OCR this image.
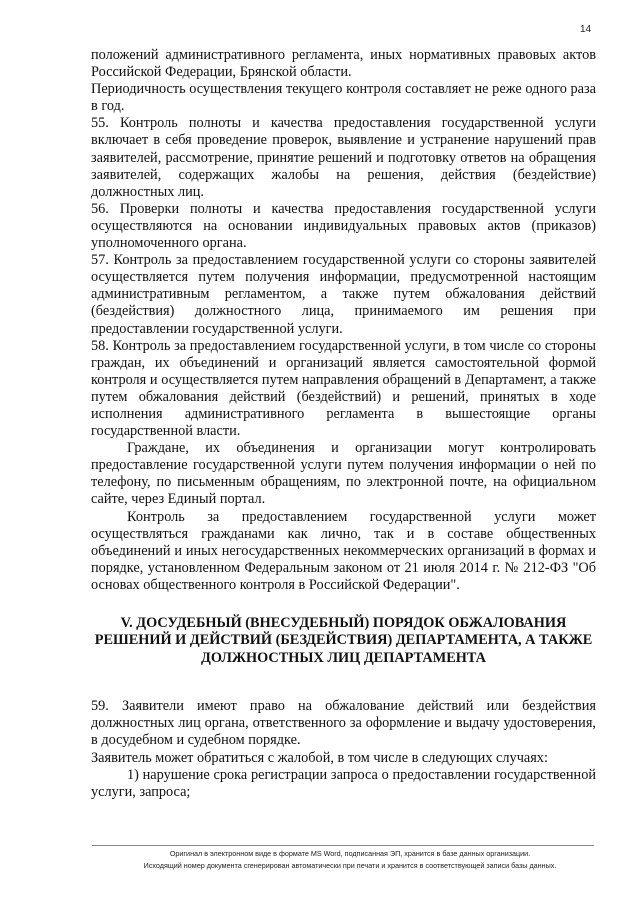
14

положений административного регламента, иных нормативных правовых актов Российской Федерации, Брянской области.

Периодичность осуществления текущего контроля составляет не реже одного раза в год.

55. Контроль полноты и качества предоставления государственной услуги включает в себя проведение проверок, выявление и устранение нарушений прав заявителей, рассмотрение, принятие решений и подготовку ответов на обращения заявителей, содержащих жалобы на решения, действия (бездействие) должностных лиц.

56. Проверки полноты и качества предоставления государственной услуги осуществляются на основании индивидуальных правовых актов (приказов) уполномоченного органа.

57. Контроль за предоставлением государственной услуги со стороны заявителей осуществляется путем получения информации, предусмотренной настоящим административным регламентом, а также путем обжалования действий (бездействия) должностного лица, принимаемого им решения при предоставлении государственной услуги.

58. Контроль за предоставлением государственной услуги, в том числе со стороны граждан, их объединений и организаций является самостоятельной формой контроля и осуществляется путем направления обращений в Департамент, а также путем обжалования действий (бездействий) и решений, принятых в ходе исполнения административного регламента в вышестоящие органы государственной власти.

Граждане, их объединения и организации могут контролировать предоставление государственной услуги путем получения информации о ней по телефону, по письменным обращениям, по электронной почте, на официальном сайте, через Единый портал.

Контроль за предоставлением государственной услуги может осуществляться гражданами как лично, так и в составе общественных объединений и иных негосударственных некоммерческих организаций в формах и порядке, установленном Федеральным законом от 21 июля 2014 г. № 212-ФЗ "Об основах общественного контроля в Российской Федерации".

V. ДОСУДЕБНЫЙ (ВНЕСУДЕБНЫЙ) ПОРЯДОК ОБЖАЛОВАНИЯ РЕШЕНИЙ И ДЕЙСТВИЙ (БЕЗДЕЙСТВИЯ) ДЕПАРТАМЕНТА, А ТАКЖЕ ДОЛЖНОСТНЫХ ЛИЦ ДЕПАРТАМЕНТА

59. Заявители имеют право на обжалование действий или бездействия должностных лиц органа, ответственного за оформление и выдачу удостоверения, в досудебном и судебном порядке.

Заявитель может обратиться с жалобой, в том числе в следующих случаях:

1) нарушение срока регистрации запроса о предоставлении государственной услуги, запроса;

Оригинал в электронном виде в формате MS Word, подписанная ЭП, хранится в базе данных организации.
Исходящий номер документа сгенерирован автоматически при печати и хранится в соответствующей записи базы данных.
